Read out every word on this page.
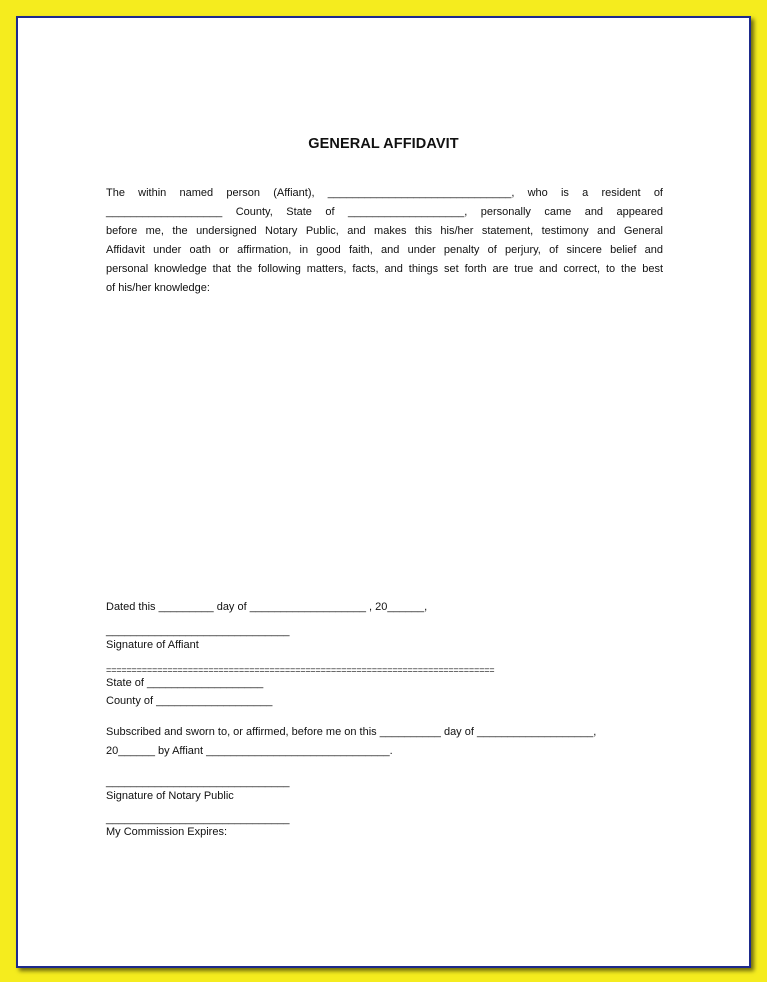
GENERAL AFFIDAVIT
The within named person (Affiant), ______________________________, who is a resident of
___________________ County, State of ___________________, personally came and appeared
before me, the undersigned Notary Public, and makes this his/her statement, testimony and General
Affidavit under oath or affirmation, in good faith, and under penalty of perjury, of sincere belief and
personal knowledge that the following matters, facts, and things set forth are true and correct, to the best
of his/her knowledge:
Dated this _________ day of ___________________ , 20______,
______________________________
Signature of Affiant
============================================================================
State of ___________________
County of ___________________
Subscribed and sworn to, or affirmed, before me on this __________ day of ___________________,
20______ by Affiant ______________________________.
______________________________
Signature of Notary Public
______________________________
My Commission Expires:
